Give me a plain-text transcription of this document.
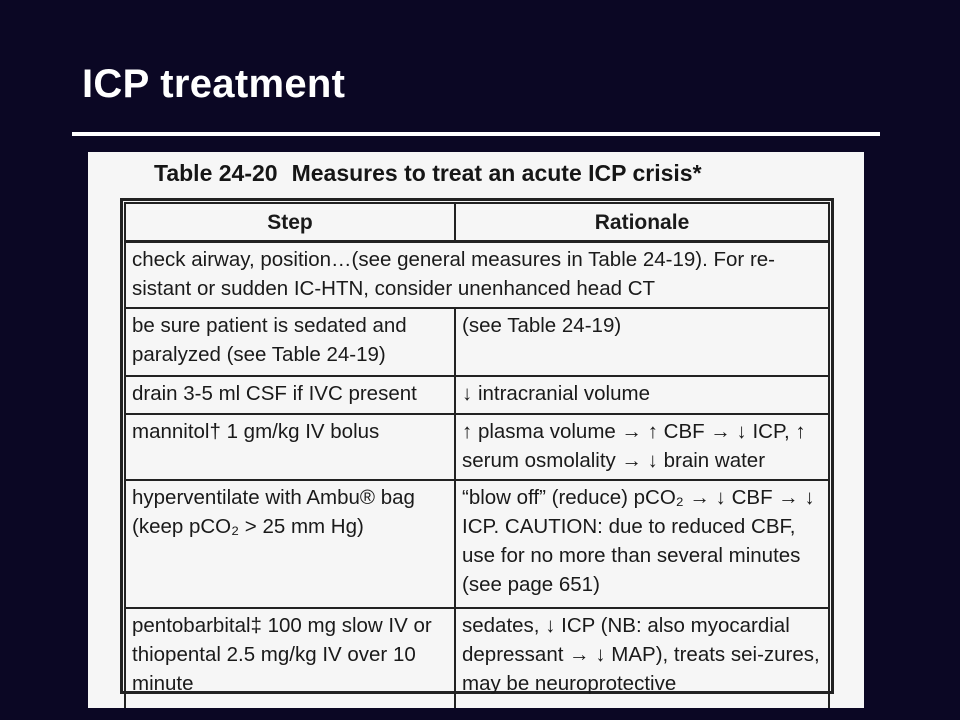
ICP treatment
Table 24-20 Measures to treat an acute ICP crisis*
Step	Rationale
check airway, position…(see general measures in Table 24-19). For re-sistant or sudden IC-HTN, consider unenhanced head CT	
be sure patient is sedated and paralyzed (see Table 24-19)	(see Table 24-19)
drain 3-5 ml CSF if IVC present	↓ intracranial volume
mannitol† 1 gm/kg IV bolus	↑ plasma volume → ↑ CBF → ↓ ICP, ↑ serum osmolality → ↓ brain water
hyperventilate with Ambu® bag (keep pCO₂ > 25 mm Hg)	“blow off” (reduce) pCO₂ → ↓ CBF → ↓ ICP. CAUTION: due to reduced CBF, use for no more than several minutes (see page 651)
pentobarbital‡ 100 mg slow IV or thiopental 2.5 mg/kg IV over 10 minute	sedates, ↓ ICP (NB: also myocardial depressant → ↓ MAP), treats sei-zures, may be neuroprotective
